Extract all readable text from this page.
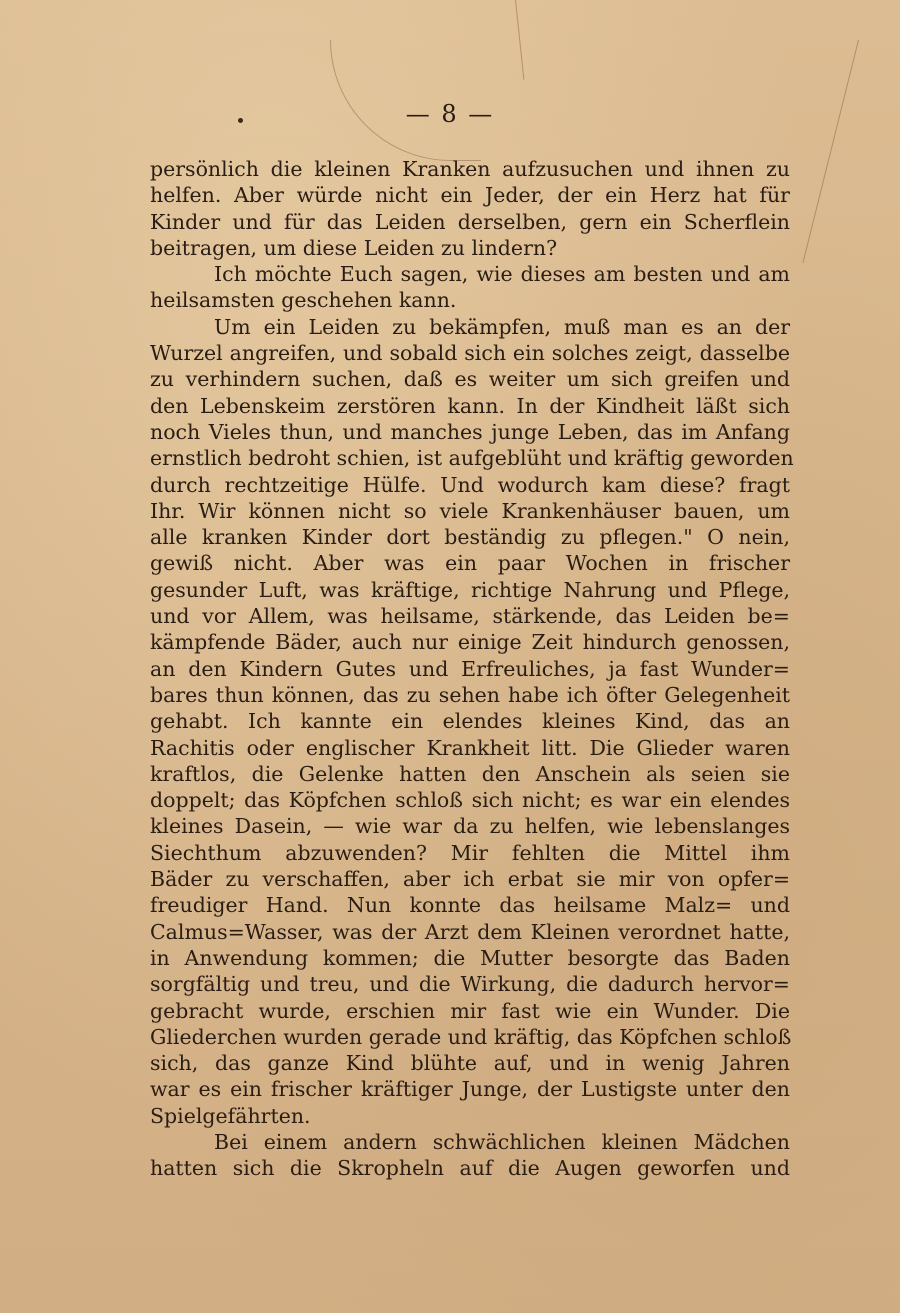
— 8 —
persönlich die kleinen Kranken aufzusuchen und ihnen zu
helfen. Aber würde nicht ein Jeder, der ein Herz hat für
Kinder und für das Leiden derselben, gern ein Scherflein
beitragen, um diese Leiden zu lindern?
Ich möchte Euch sagen, wie dieses am besten und am
heilsamsten geschehen kann.
Um ein Leiden zu bekämpfen, muß man es an der
Wurzel angreifen, und sobald sich ein solches zeigt, dasselbe
zu verhindern suchen, daß es weiter um sich greifen und
den Lebenskeim zerstören kann. In der Kindheit läßt sich
noch Vieles thun, und manches junge Leben, das im Anfang
ernstlich bedroht schien, ist aufgeblüht und kräftig geworden
durch rechtzeitige Hülfe. Und wodurch kam diese? fragt
Ihr. Wir können nicht so viele Krankenhäuser bauen, um
alle kranken Kinder dort beständig zu pflegen." O nein,
gewiß nicht. Aber was ein paar Wochen in frischer
gesunder Luft, was kräftige, richtige Nahrung und Pflege,
und vor Allem, was heilsame, stärkende, das Leiden be=
kämpfende Bäder, auch nur einige Zeit hindurch genossen,
an den Kindern Gutes und Erfreuliches, ja fast Wunder=
bares thun können, das zu sehen habe ich öfter Gelegenheit
gehabt. Ich kannte ein elendes kleines Kind, das an
Rachitis oder englischer Krankheit litt. Die Glieder waren
kraftlos, die Gelenke hatten den Anschein als seien sie
doppelt; das Köpfchen schloß sich nicht; es war ein elendes
kleines Dasein, — wie war da zu helfen, wie lebenslanges
Siechthum abzuwenden? Mir fehlten die Mittel ihm
Bäder zu verschaffen, aber ich erbat sie mir von opfer=
freudiger Hand. Nun konnte das heilsame Malz= und
Calmus=Wasser, was der Arzt dem Kleinen verordnet hatte,
in Anwendung kommen; die Mutter besorgte das Baden
sorgfältig und treu, und die Wirkung, die dadurch hervor=
gebracht wurde, erschien mir fast wie ein Wunder. Die
Gliederchen wurden gerade und kräftig, das Köpfchen schloß
sich, das ganze Kind blühte auf, und in wenig Jahren
war es ein frischer kräftiger Junge, der Lustigste unter den
Spielgefährten.
Bei einem andern schwächlichen kleinen Mädchen
hatten sich die Skropheln auf die Augen geworfen und
